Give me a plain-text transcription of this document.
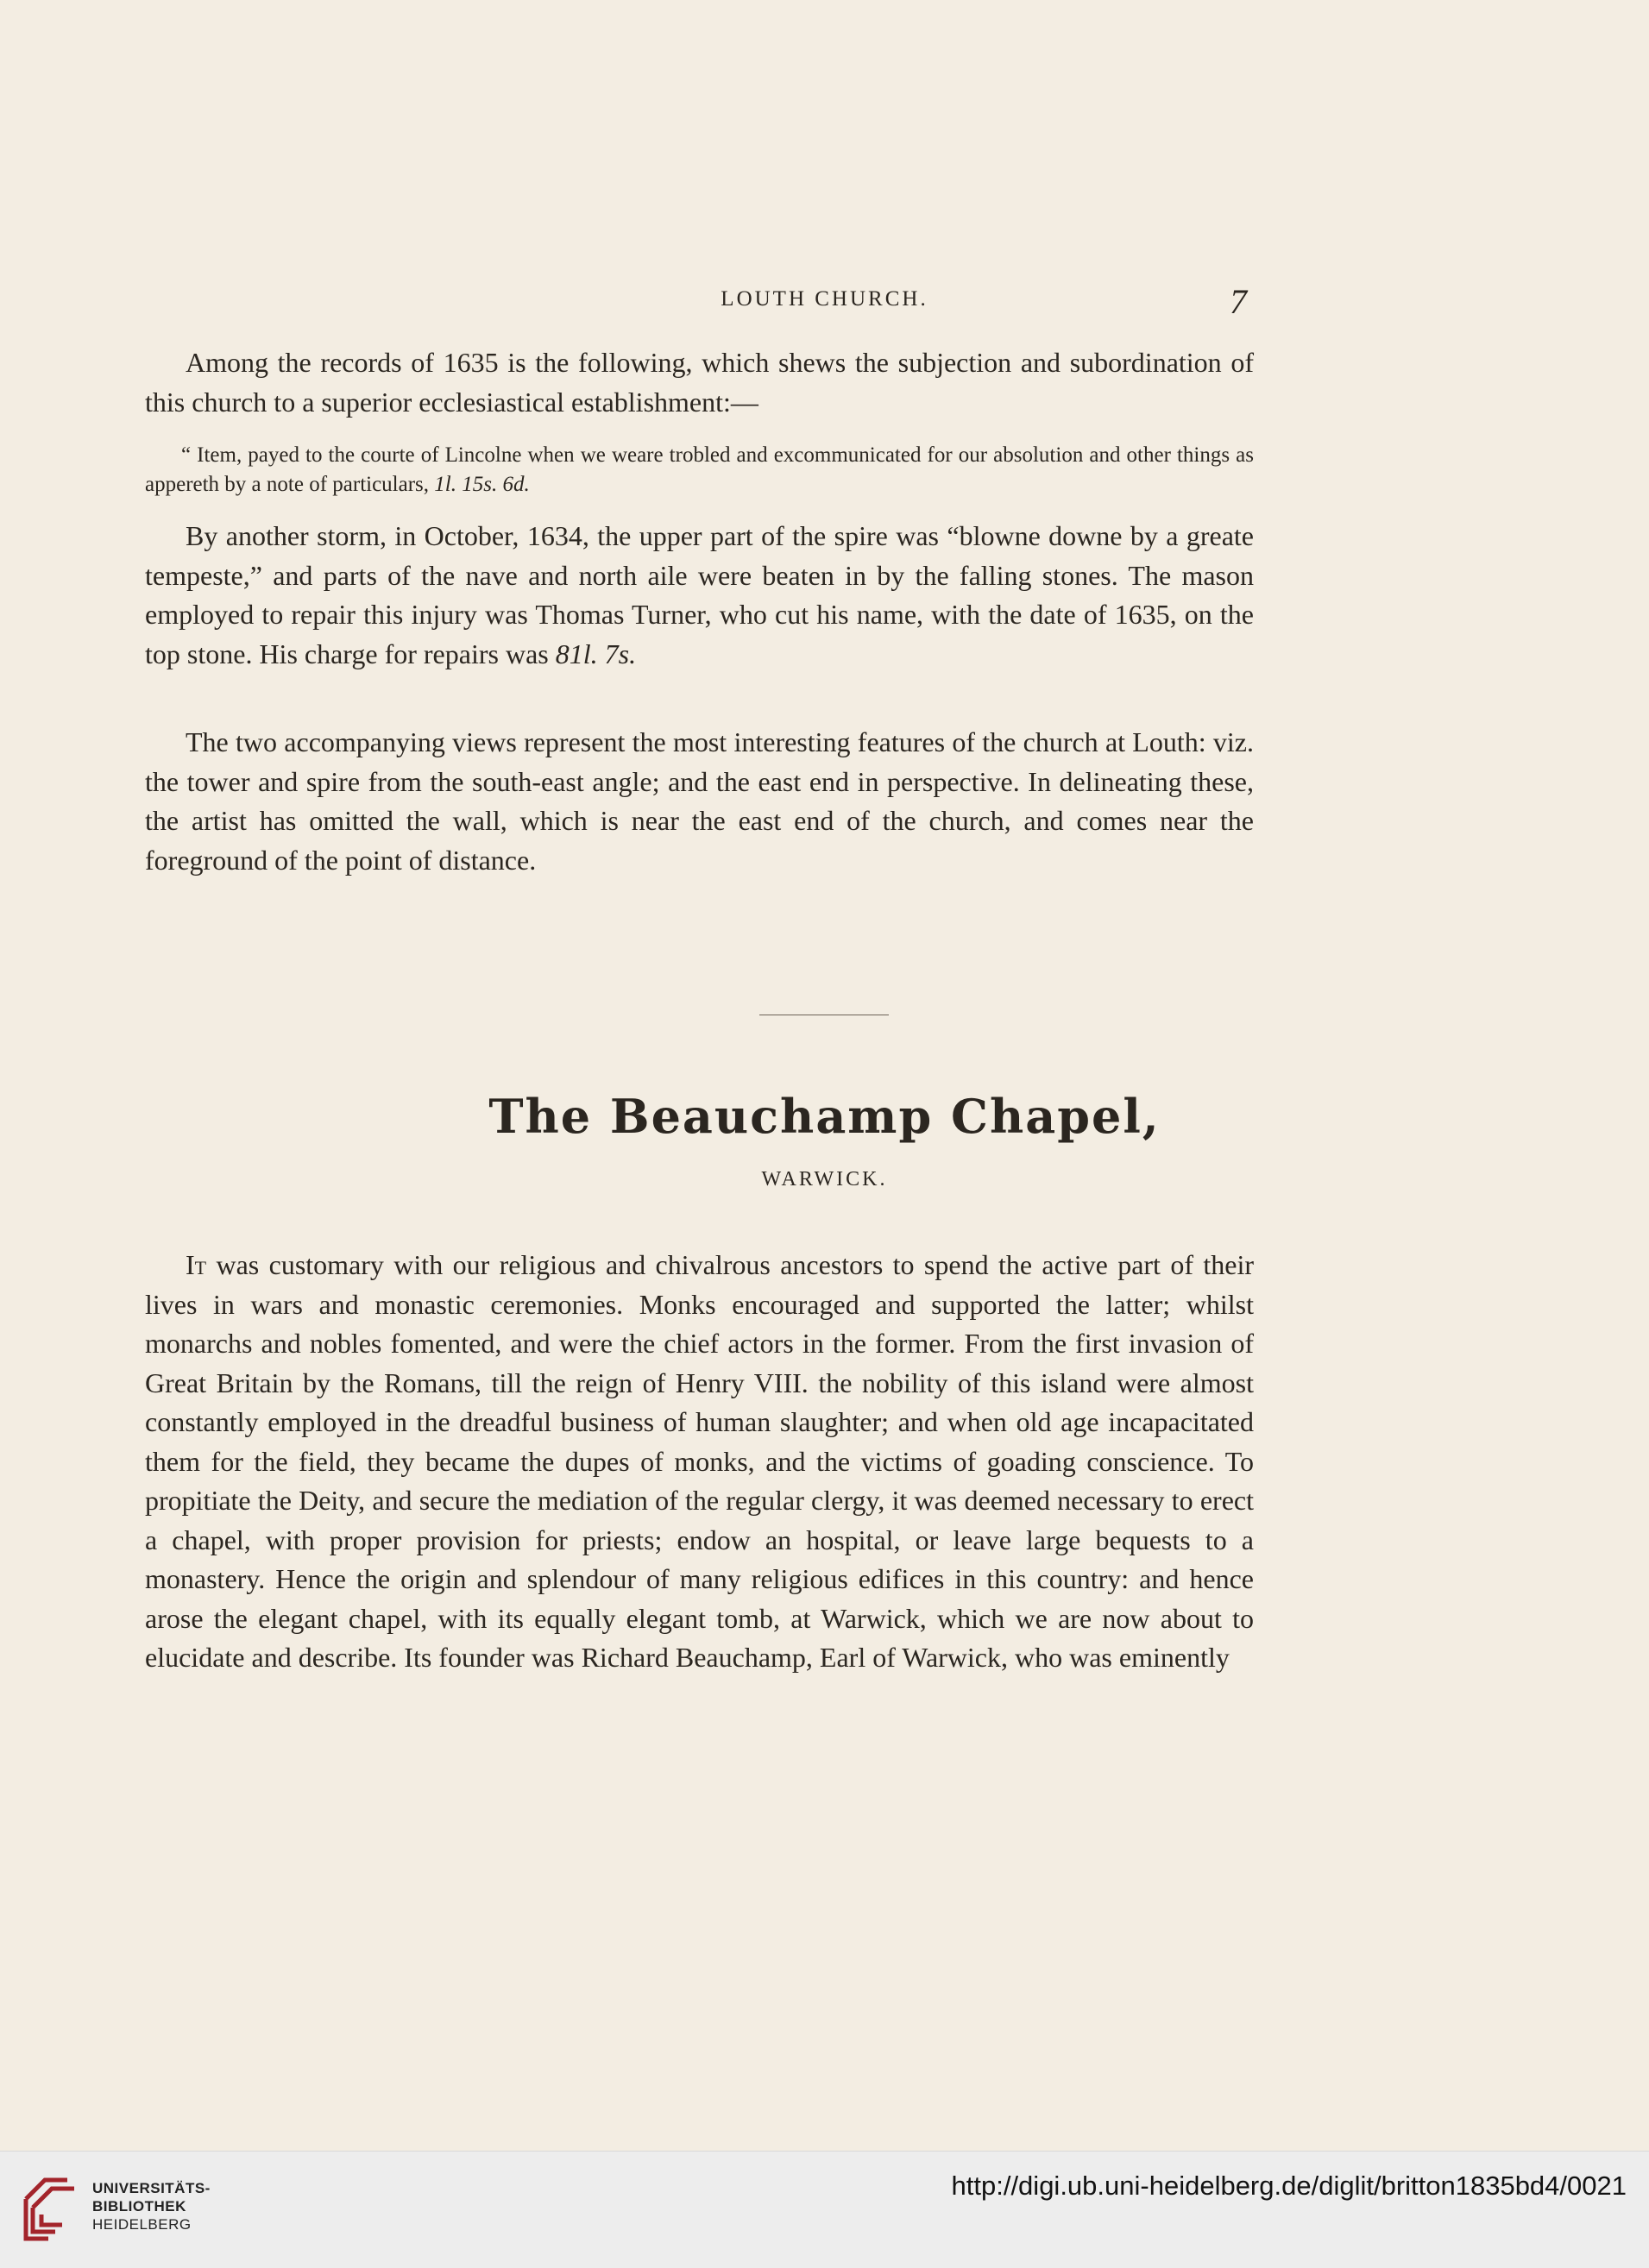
LOUTH CHURCH.	7

Among the records of 1635 is the following, which shews the subjection and subordination of this church to a superior ecclesiastical establishment:—

“ Item, payed to the courte of Lincolne when we weare trobled and excommunicated for our absolution and other things as appereth by a note of particulars, 1l. 15s. 6d.

By another storm, in October, 1634, the upper part of the spire was “blowne downe by a greate tempeste,” and parts of the nave and north aile were beaten in by the falling stones. The mason employed to repair this injury was Thomas Turner, who cut his name, with the date of 1635, on the top stone. His charge for repairs was 81l. 7s.

The two accompanying views represent the most interesting features of the church at Louth: viz. the tower and spire from the south-east angle; and the east end in perspective. In delineating these, the artist has omitted the wall, which is near the east end of the church, and comes near the foreground of the point of distance.

The Beauchamp Chapel,
WARWICK.

It was customary with our religious and chivalrous ancestors to spend the active part of their lives in wars and monastic ceremonies. Monks encouraged and supported the latter; whilst monarchs and nobles fomented, and were the chief actors in the former. From the first invasion of Great Britain by the Romans, till the reign of Henry VIII. the nobility of this island were almost constantly employed in the dreadful business of human slaughter; and when old age incapacitated them for the field, they became the dupes of monks, and the victims of goading conscience. To propitiate the Deity, and secure the mediation of the regular clergy, it was deemed necessary to erect a chapel, with proper provision for priests; endow an hospital, or leave large bequests to a monastery. Hence the origin and splendour of many religious edifices in this country: and hence arose the elegant chapel, with its equally elegant tomb, at Warwick, which we are now about to elucidate and describe. Its founder was Richard Beauchamp, Earl of Warwick, who was eminently

UNIVERSITÄTS-
BIBLIOTHEK
HEIDELBERG
http://digi.ub.uni-heidelberg.de/diglit/britton1835bd4/0021
